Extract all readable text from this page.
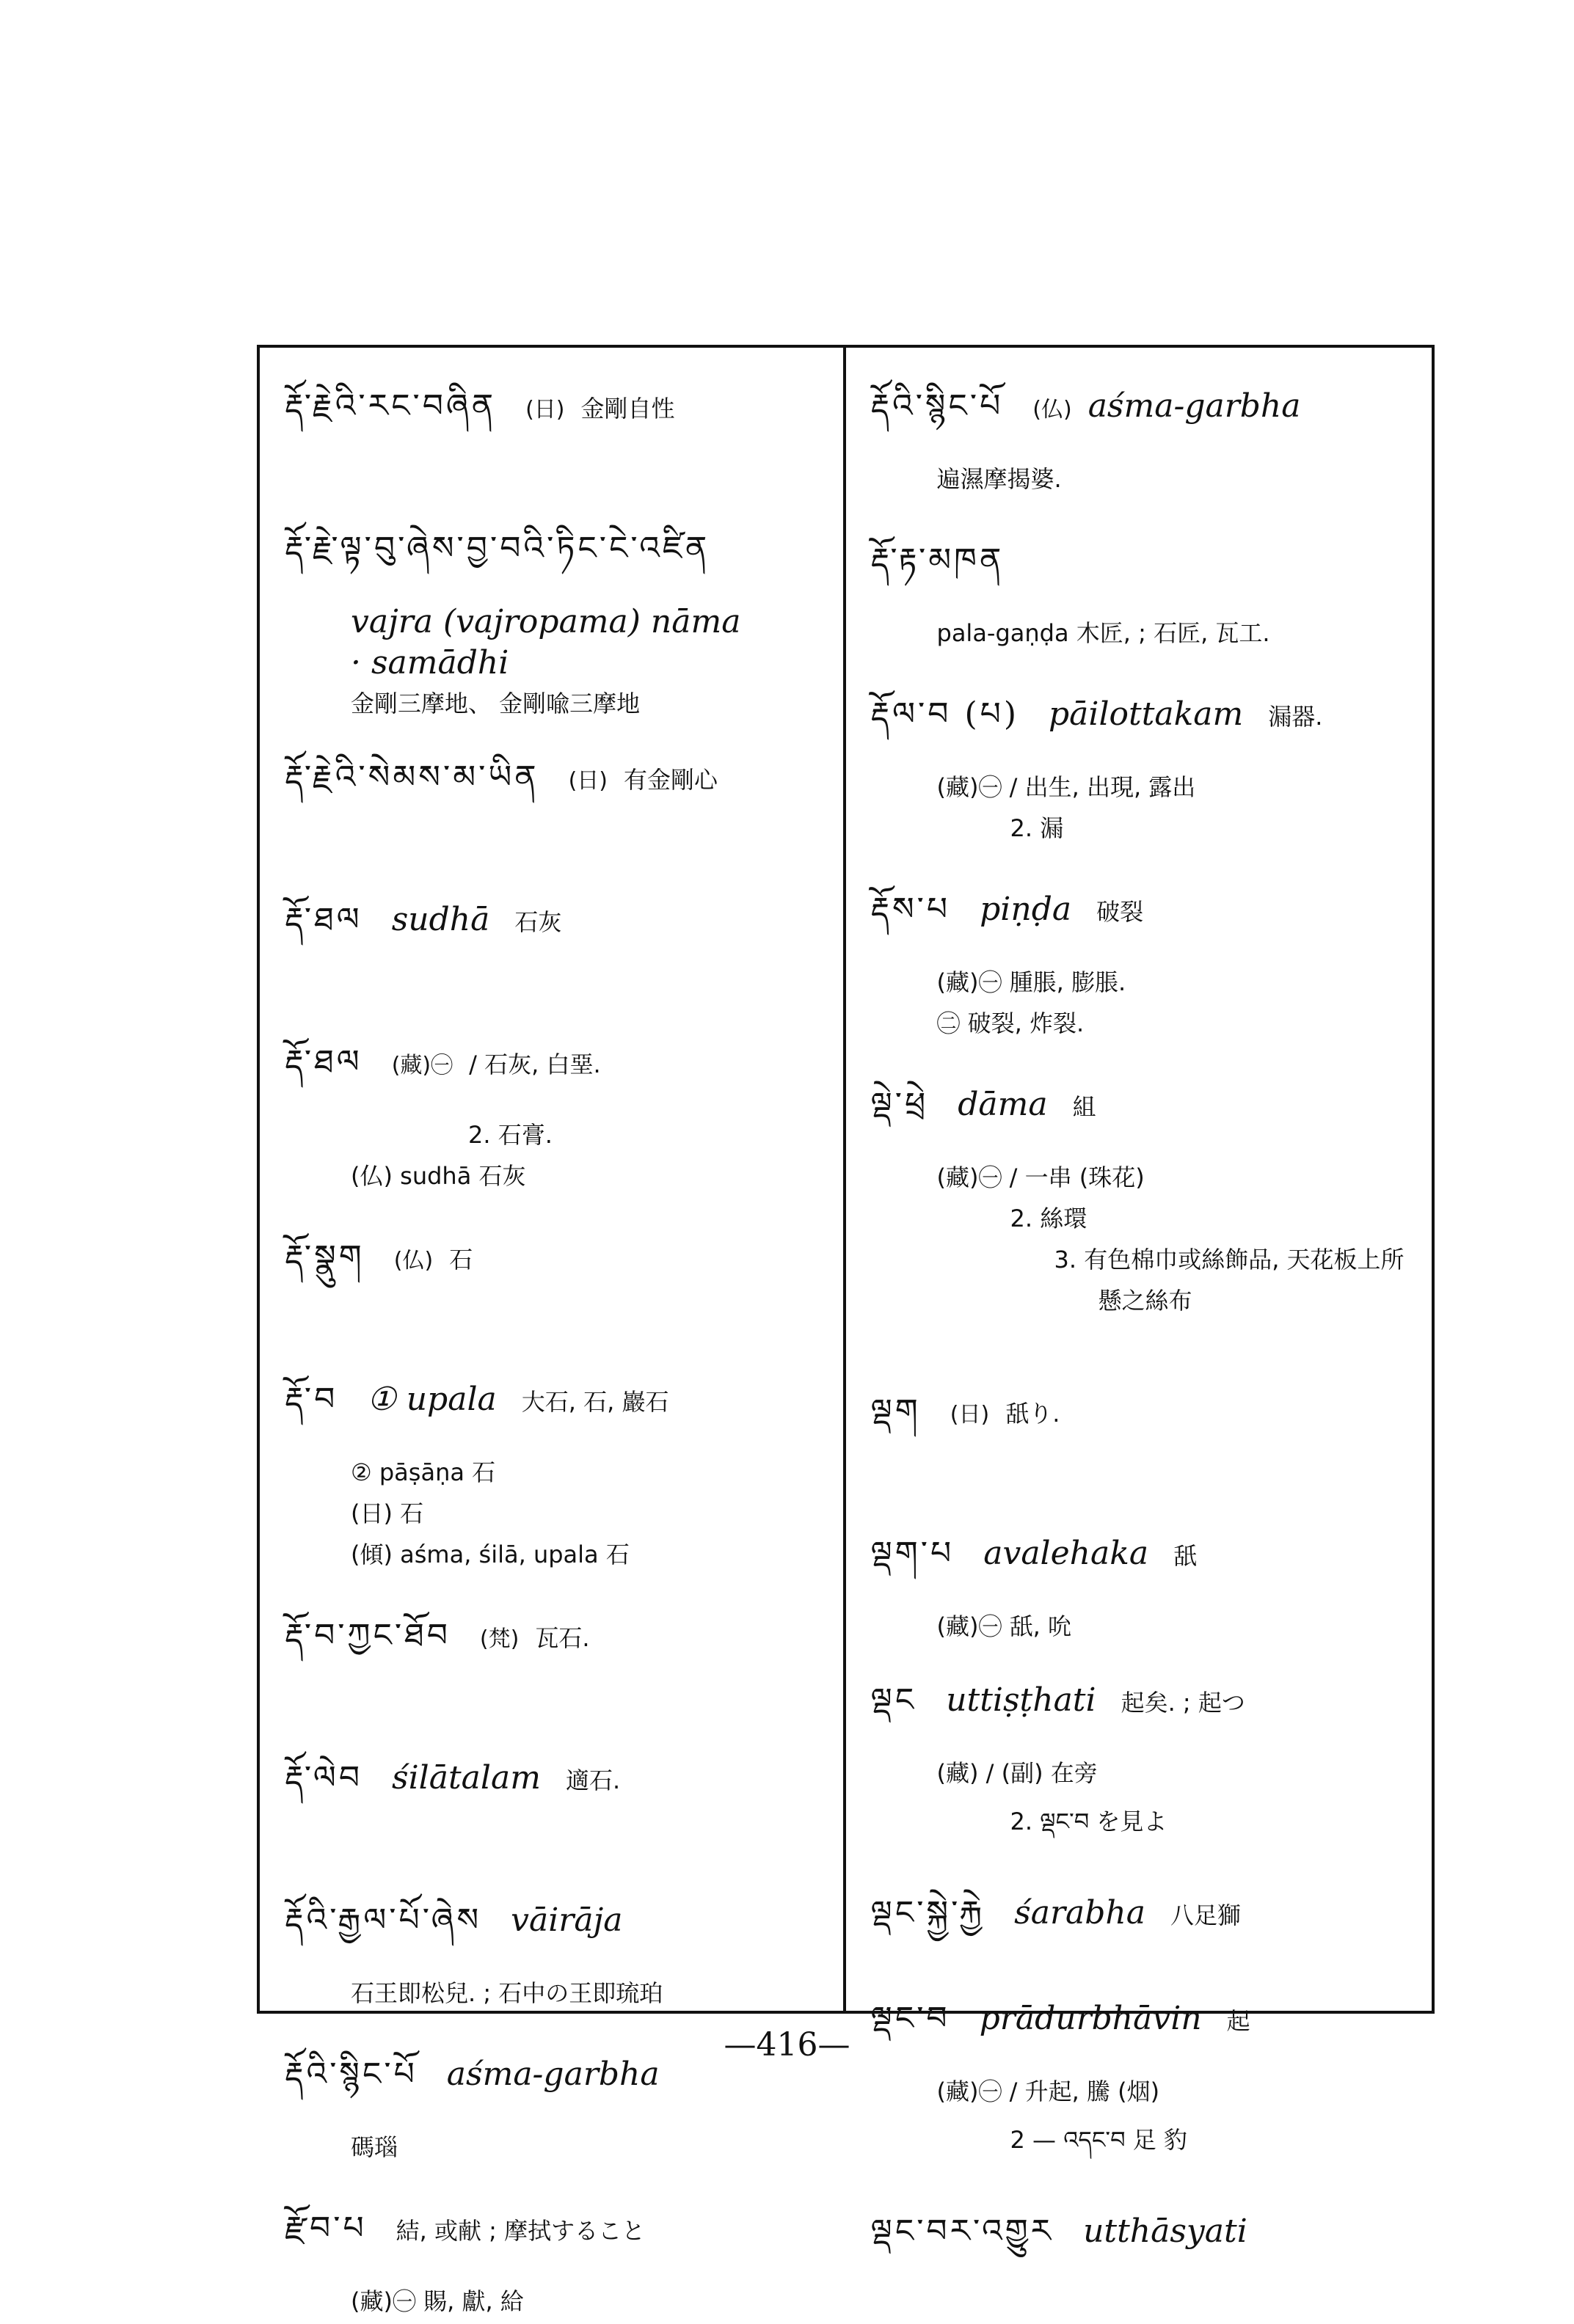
རྡོ་རྗེའི་རང་བཞིན (日) 金剛自性
རྡོ་རྗེ་ལྟ་བུ་ཞེས་བྱ་བའི་ཏིང་ངེ་འཛིན
vajra (vajropama) nāma
· samādhi
金剛三摩地、 金剛喩三摩地
རྡོ་རྗེའི་སེམས་མ་ཡིན (日) 有金剛心
རྡོ་ཐལ sudhā 石灰
རྡོ་ཐལ (藏)㊀ / 石灰, 白堊.
2. 石膏.
(仏) sudhā 石灰
རྡོ་སྣུག (仏) 石
རྡོ་བ ① upala 大石, 石, 巖石
② pāṣāṇa 石
(日) 石
(傾) aśma, śilā, upala 石
རྡོ་བ་ཀྱང་ཐོབ (梵) 瓦石.
རྡོ་ལེབ śilātalam 適石.
རྡོའི་རྒྱལ་པོ་ཞེས vāirāja
石王即松兒. ; 石中の王即琉珀
རྡོའི་སྙིང་པོ aśma-garbha
碼瑙
རྫོབ་པ 結, 或献 ; 摩拭すること
(藏)㊀ 賜, 獻, 給
རྡོའི་སྙིང་པོ (仏) aśma-garbha
遍濕摩揭婆.
རྡོ་རྟ་མཁན
pala-gaṇḍa 木匠, ; 石匠, 瓦工.
རྡོལ་བ (པ) pāilottakam 漏器.
(藏)㊀ / 出生, 出現, 露出
2. 漏
རྡོས་པ piṇḍa 破裂
(藏)㊀ 腫脹, 膨脹.
㊁ 破裂, 炸裂.
ལྡེ་ཕྲེ dāma 組
(藏)㊀ / 一串 (珠花)
2. 絲環
3. 有色棉巾或絲飾品, 天花板上所
懸之絲布
ལྡག (日) 舐り.
ལྡག་པ avalehaka 舐
(藏)㊀ 舐, 吮
ལྡང uttiṣṭhati 起矣. ; 起つ
(藏) / (副) 在旁
2. ལྡང་བ を見よ
ལྡང་སྐྱེ་རྐྱེ śarabha 八足獅
ལྡང་བ prādurbhāvin 起
(藏)㊀ / 升起, 騰 (烟)
2 — འདང་བ 足 豹
ལྡང་བར་འགྱུར utthāsyati
—416—
